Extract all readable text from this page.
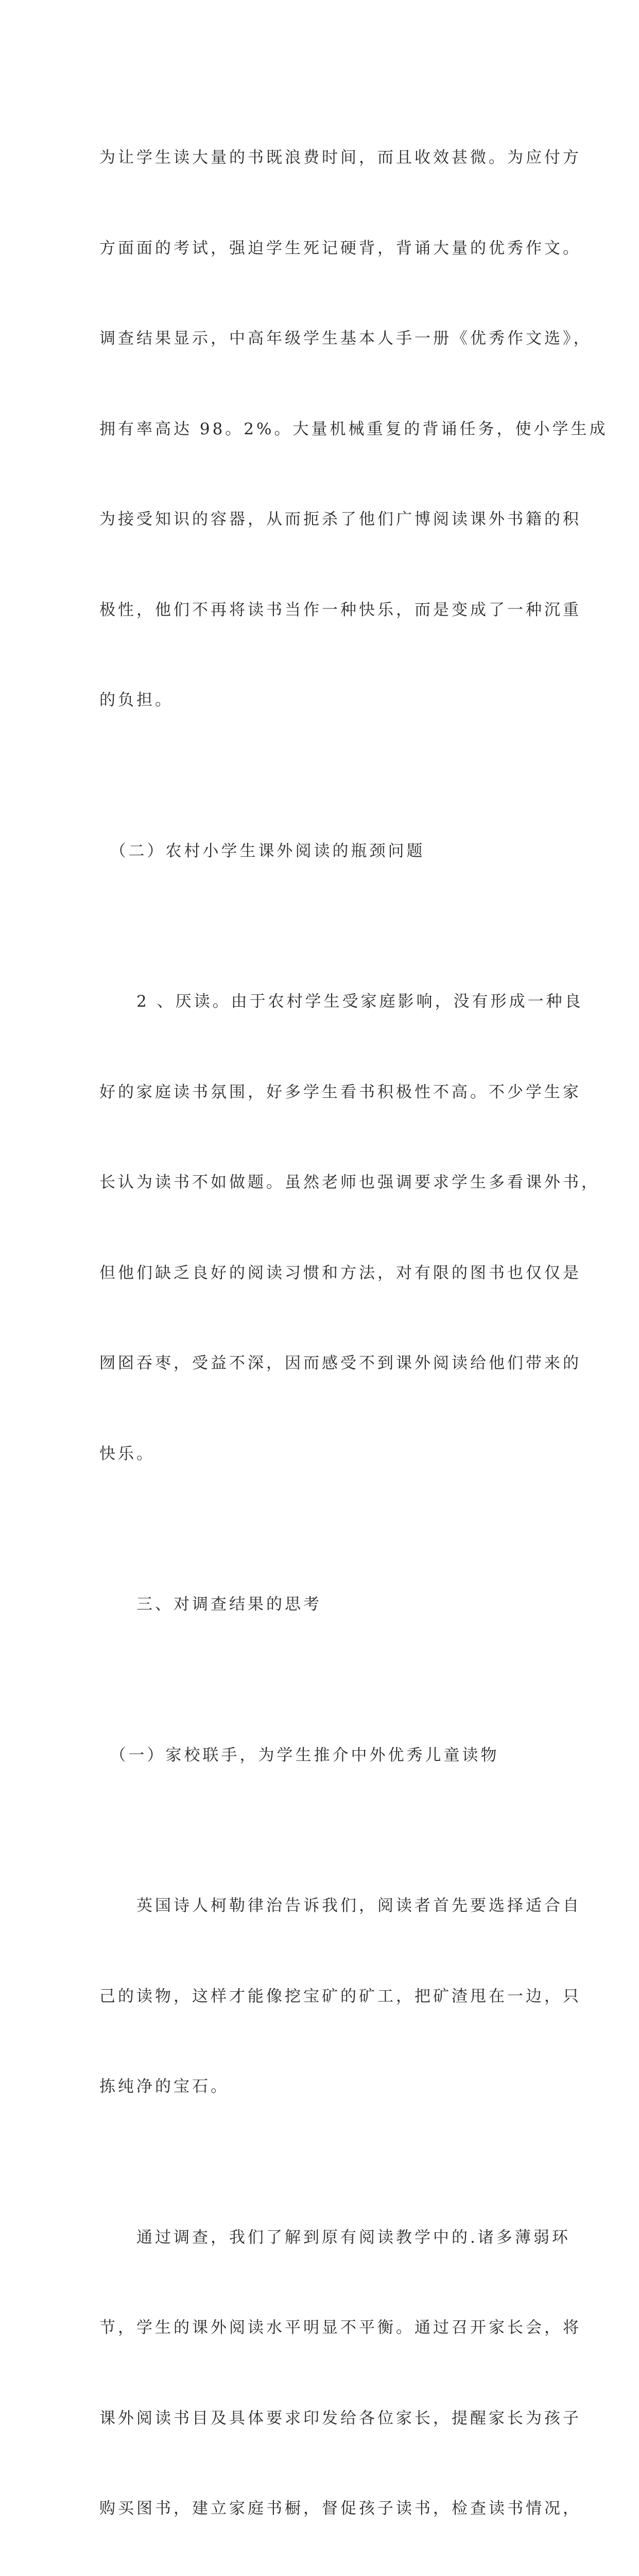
为让学生读大量的书既浪费时间，而且收效甚微。为应付方

方面面的考试，强迫学生死记硬背，背诵大量的优秀作文。

调查结果显示，中高年级学生基本人手一册《优秀作文选》，

拥有率高达 98。2%。大量机械重复的背诵任务，使小学生成

为接受知识的容器，从而扼杀了他们广博阅读课外书籍的积

极性，他们不再将读书当作一种快乐，而是变成了一种沉重

的负担。

　（二）农村小学生课外阅读的瓶颈问题

　　2 、厌读。由于农村学生受家庭影响，没有形成一种良

好的家庭读书氛围，好多学生看书积极性不高。不少学生家

长认为读书不如做题。虽然老师也强调要求学生多看课外书，

但他们缺乏良好的阅读习惯和方法，对有限的图书也仅仅是

囫囵吞枣，受益不深，因而感受不到课外阅读给他们带来的

快乐。

　　三、对调查结果的思考

　（一）家校联手，为学生推介中外优秀儿童读物

　　英国诗人柯勒律治告诉我们，阅读者首先要选择适合自

己的读物，这样才能像挖宝矿的矿工，把矿渣甩在一边，只

拣纯净的宝石。

　　通过调查，我们了解到原有阅读教学中的.诸多薄弱环

节，学生的课外阅读水平明显不平衡。通过召开家长会，将

课外阅读书目及具体要求印发给各位家长，提醒家长为孩子

购买图书，建立家庭书橱，督促孩子读书，检查读书情况，
